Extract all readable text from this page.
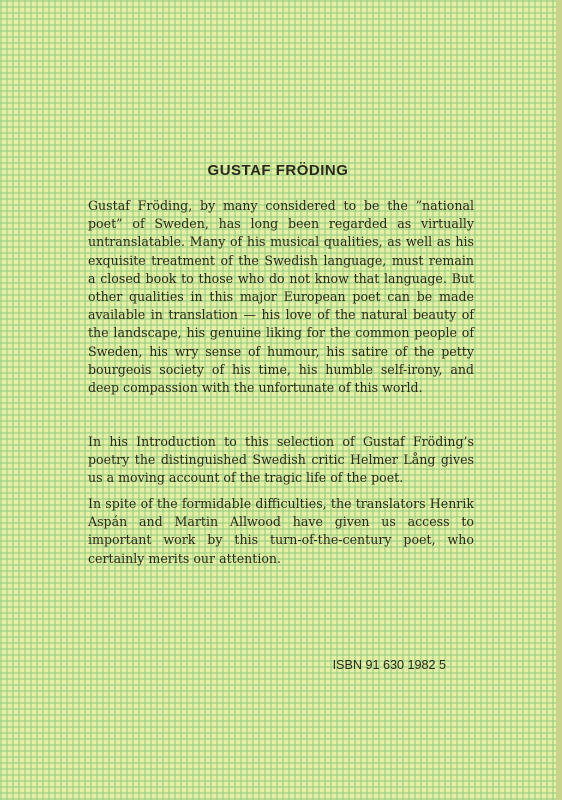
GUSTAF FRÖDING

Gustaf Fröding, by many considered to be the ”national poet” of Sweden, has long been regarded as virtually untranslatable. Many of his musical qualities, as well as his exquisite treatment of the Swedish language, must remain a closed book to those who do not know that language. But other qualities in this major European poet can be made available in translation — his love of the natural beauty of the landscape, his genuine liking for the common people of Sweden, his wry sense of humour, his satire of the petty bourgeois society of his time, his humble self-irony, and deep compassion with the unfortunate of this world.

In his Introduction to this selection of Gustaf Fröding’s poetry the distinguished Swedish critic Helmer Lång gives us a moving account of the tragic life of the poet.

In spite of the formidable difficulties, the translators Henrik Aspán and Martin Allwood have given us access to important work by this turn-of-the-century poet, who certainly merits our attention.

ISBN 91 630 1982 5
